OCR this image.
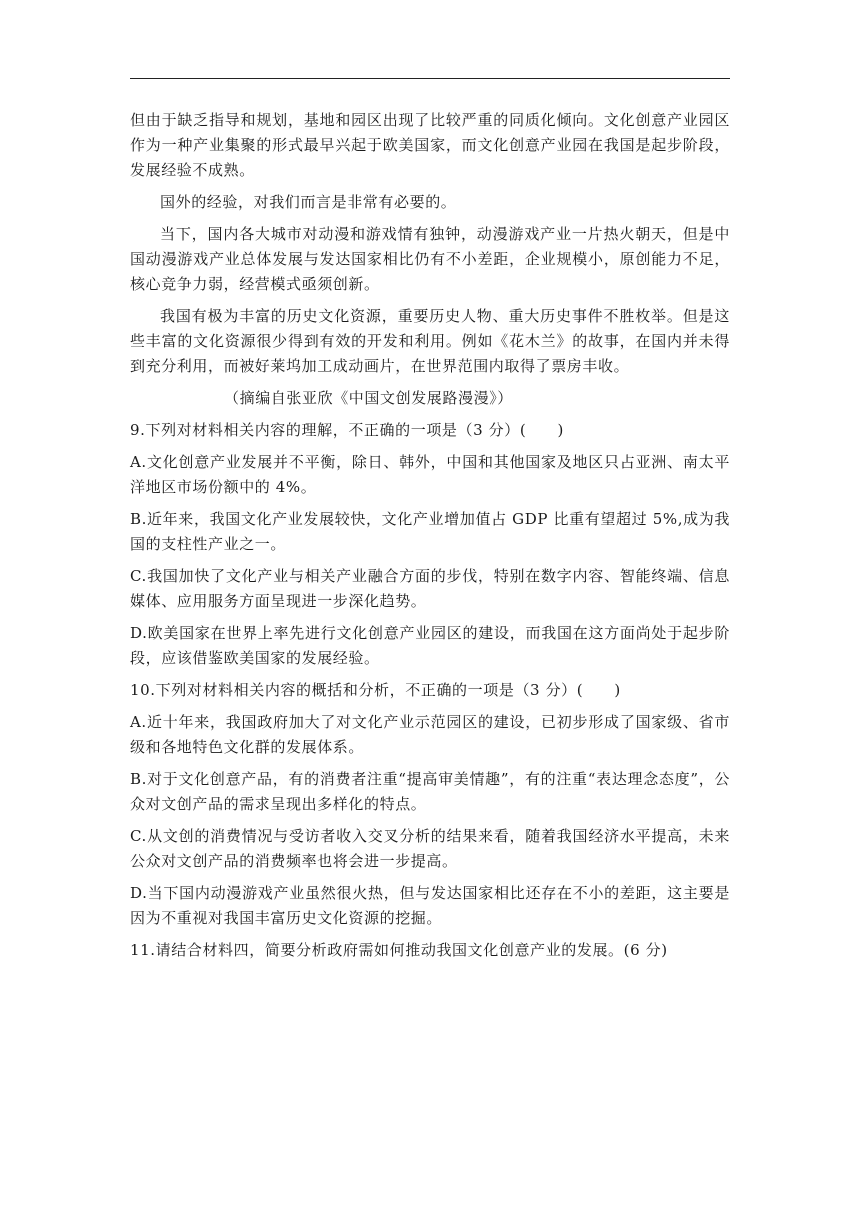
但由于缺乏指导和规划，基地和园区出现了比较严重的同质化倾向。文化创意产业园区作为一种产业集聚的形式最早兴起于欧美国家，而文化创意产业园在我国是起步阶段，发展经验不成熟。

国外的经验，对我们而言是非常有必要的。

当下，国内各大城市对动漫和游戏情有独钟，动漫游戏产业一片热火朝天，但是中国动漫游戏产业总体发展与发达国家相比仍有不小差距，企业规模小，原创能力不足，核心竞争力弱，经营模式亟须创新。

我国有极为丰富的历史文化资源，重要历史人物、重大历史事件不胜枚举。但是这些丰富的文化资源很少得到有效的开发和利用。例如《花木兰》的故事，在国内并未得到充分利用，而被好莱坞加工成动画片，在世界范围内取得了票房丰收。

（摘编自张亚欣《中国文创发展路漫漫》）

9.下列对材料相关内容的理解，不正确的一项是（3 分）(　　)

A.文化创意产业发展并不平衡，除日、韩外，中国和其他国家及地区只占亚洲、南太平洋地区市场份额中的 4%。

B.近年来，我国文化产业发展较快，文化产业增加值占 GDP 比重有望超过 5%,成为我国的支柱性产业之一。

C.我国加快了文化产业与相关产业融合方面的步伐，特别在数字内容、智能终端、信息媒体、应用服务方面呈现进一步深化趋势。

D.欧美国家在世界上率先进行文化创意产业园区的建设，而我国在这方面尚处于起步阶段，应该借鉴欧美国家的发展经验。

10.下列对材料相关内容的概括和分析，不正确的一项是（3 分）(　　)

A.近十年来，我国政府加大了对文化产业示范园区的建设，已初步形成了国家级、省市级和各地特色文化群的发展体系。

B.对于文化创意产品，有的消费者注重“提高审美情趣”，有的注重“表达理念态度”，公众对文创产品的需求呈现出多样化的特点。

C.从文创的消费情况与受访者收入交叉分析的结果来看，随着我国经济水平提高，未来公众对文创产品的消费频率也将会进一步提高。

D.当下国内动漫游戏产业虽然很火热，但与发达国家相比还存在不小的差距，这主要是因为不重视对我国丰富历史文化资源的挖掘。

11.请结合材料四，简要分析政府需如何推动我国文化创意产业的发展。(6 分)
